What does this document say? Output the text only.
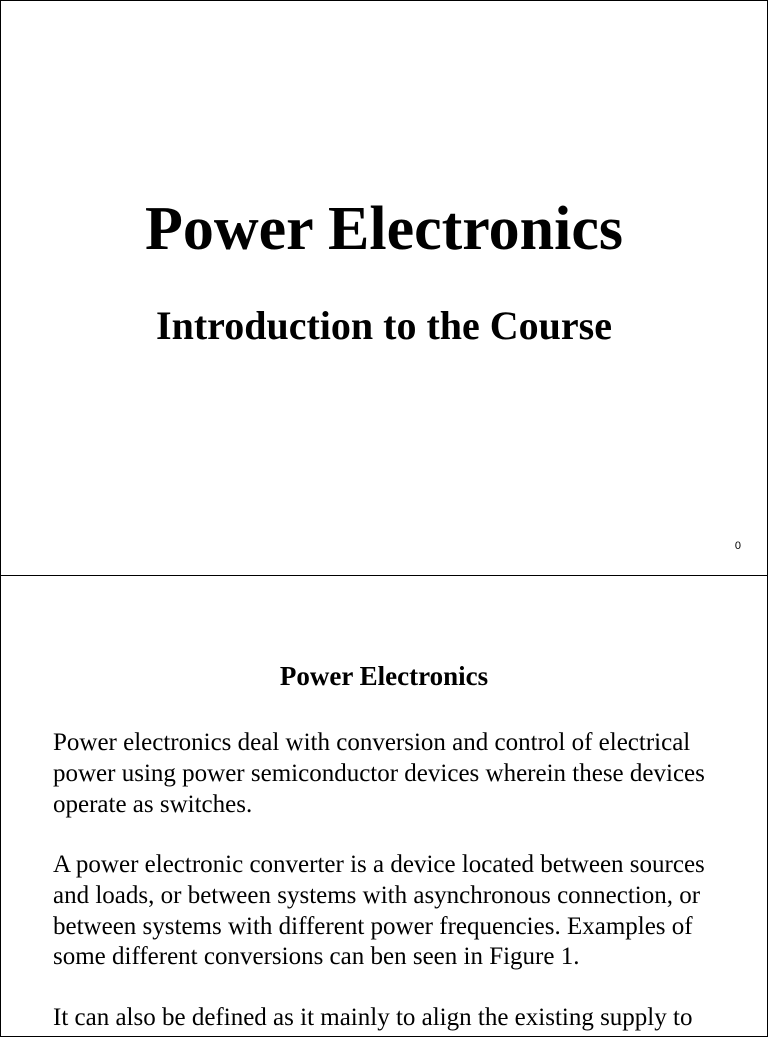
Power Electronics
Introduction to the Course
0
Power Electronics

Power electronics deal with conversion and control of electrical power using power semiconductor devices wherein these devices operate as switches.

A power electronic converter is a device located between sources and loads, or between systems with asynchronous connection, or between systems with different power frequencies. Examples of some different conversions can ben seen in Figure 1.

It can also be defined as it mainly to align the existing supply to
